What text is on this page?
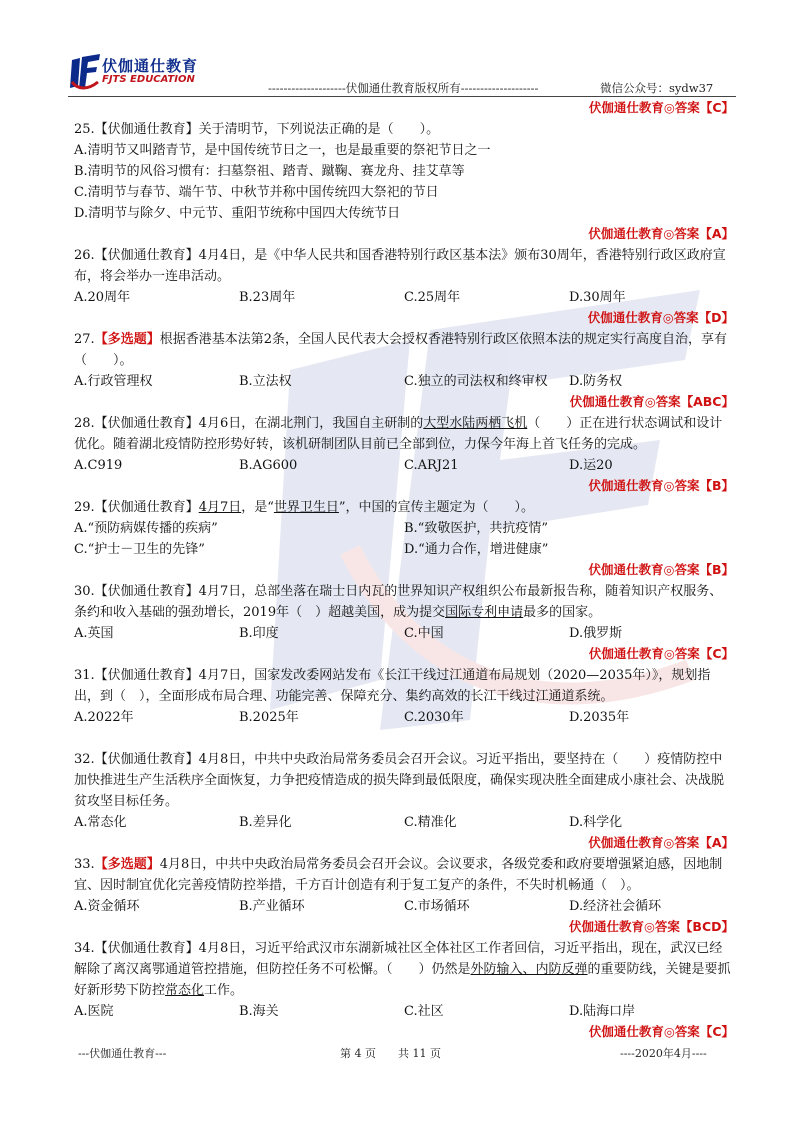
伏伽通仕教育
FJTS EDUCATION
--------------------伏伽通仕教育版权所有--------------------	微信公众号：sydw37
伏伽通仕教育◎答案【C】

25.【伏伽通仕教育】关于清明节，下列说法正确的是（　　）。

A.清明节又叫踏青节，是中国传统节日之一，也是最重要的祭祀节日之一
B.清明节的风俗习惯有：扫墓祭祖、踏青、蹴鞠、赛龙舟、挂艾草等
C.清明节与春节、端午节、中秋节并称中国传统四大祭祀的节日
D.清明节与除夕、中元节、重阳节统称中国四大传统节日
伏伽通仕教育◎答案【A】

26.【伏伽通仕教育】4月4日，是《中华人民共和国香港特别行政区基本法》颁布30周年，香港特别行政区政府宣布，将会举办一连串活动。

A.20周年	B.23周年	C.25周年	D.30周年
伏伽通仕教育◎答案【D】

27.【多选题】根据香港基本法第2条，全国人民代表大会授权香港特别行政区依照本法的规定实行高度自治，享有（　　）。

A.行政管理权	B.立法权	C.独立的司法权和终审权	D.防务权
伏伽通仕教育◎答案【ABC】

28.【伏伽通仕教育】4月6日，在湖北荆门，我国自主研制的大型水陆两栖飞机（　　）正在进行状态调试和设计优化。随着湖北疫情防控形势好转，该机研制团队目前已全部到位，力保今年海上首飞任务的完成。

A.C919	B.AG600	C.ARJ21	D.运20
伏伽通仕教育◎答案【B】

29.【伏伽通仕教育】4月7日，是“世界卫生日”，中国的宣传主题定为（　　）。

A.“预防病媒传播的疾病”	B.“致敬医护，共抗疫情”
C.“护士－卫生的先锋”	D.“通力合作，增进健康”
伏伽通仕教育◎答案【B】

30.【伏伽通仕教育】4月7日，总部坐落在瑞士日内瓦的世界知识产权组织公布最新报告称，随着知识产权服务、条约和收入基础的强劲增长，2019年（　）超越美国，成为提交国际专利申请最多的国家。

A.英国	B.印度	C.中国	D.俄罗斯
伏伽通仕教育◎答案【C】

31.【伏伽通仕教育】4月7日，国家发改委网站发布《长江干线过江通道布局规划（2020—2035年）》，规划指出，到（　），全面形成布局合理、功能完善、保障充分、集约高效的长江干线过江通道系统。

A.2022年	B.2025年	C.2030年	D.2035年

32.【伏伽通仕教育】4月8日，中共中央政治局常务委员会召开会议。习近平指出，要坚持在（　　）疫情防控中加快推进生产生活秩序全面恢复，力争把疫情造成的损失降到最低限度，确保实现决胜全面建成小康社会、决战脱贫攻坚目标任务。

A.常态化	B.差异化	C.精准化	D.科学化
伏伽通仕教育◎答案【A】

33.【多选题】4月8日，中共中央政治局常务委员会召开会议。会议要求，各级党委和政府要增强紧迫感，因地制宜、因时制宜优化完善疫情防控举措，千方百计创造有利于复工复产的条件，不失时机畅通（　）。

A.资金循环	B.产业循环	C.市场循环	D.经济社会循环
伏伽通仕教育◎答案【BCD】

34.【伏伽通仕教育】4月8日，习近平给武汉市东湖新城社区全体社区工作者回信，习近平指出，现在，武汉已经解除了离汉离鄂通道管控措施，但防控任务不可松懈。（　　）仍然是外防输入、内防反弹的重要防线，关键是要抓好新形势下防控常态化工作。

A.医院	B.海关	C.社区	D.陆海口岸
伏伽通仕教育◎答案【C】
---伏伽通仕教育---	第 4 页　　共 11 页	----2020年4月----
